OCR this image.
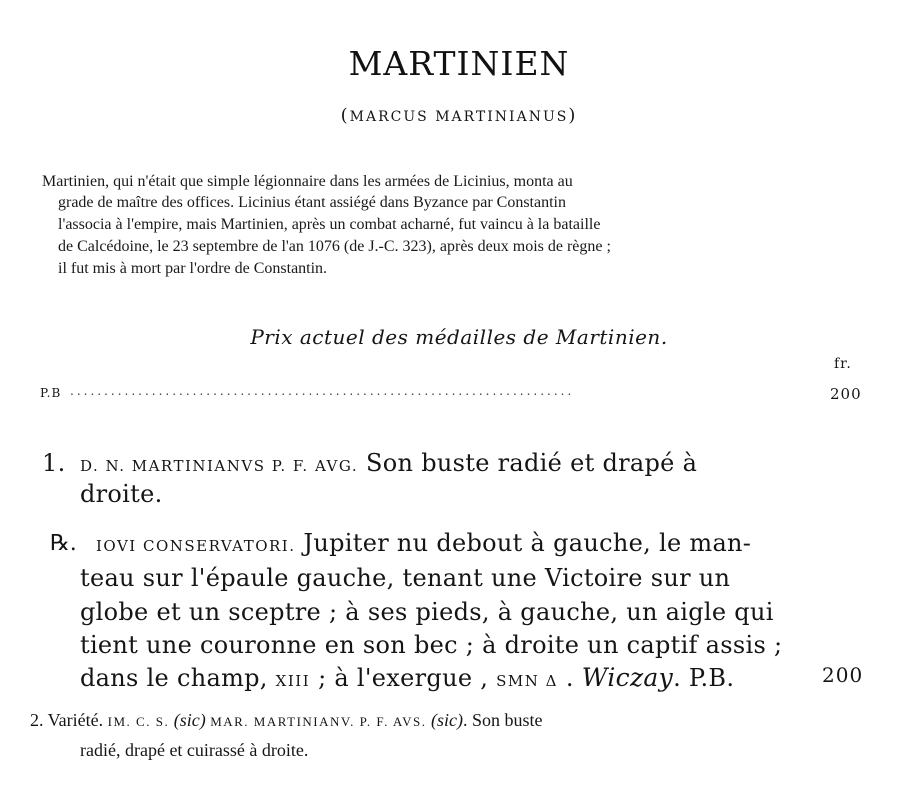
MARTINIEN
(MARCUS MARTINIANUS)
Martinien, qui n'était que simple légionnaire dans les armées de Licinius, monta au
grade de maître des offices. Licinius étant assiégé dans Byzance par Constantin
l'associa à l'empire, mais Martinien, après un combat acharné, fut vaincu à la bataille
de Calcédoine, le 23 septembre de l'an 1076 (de J.-C. 323), après deux mois de règne ;
il fut mis à mort par l'ordre de Constantin.
Prix actuel des médailles de Martinien.
fr.
P.B ..........................................................................	200
1. D. N. MARTINIANVS P. F. AVG. Son buste radié et drapé à
droite.
℞. IOVI CONSERVATORI. Jupiter nu debout à gauche, le man-
teau sur l'épaule gauche, tenant une Victoire sur un
globe et un sceptre ; à ses pieds, à gauche, un aigle qui
tient une couronne en son bec ; à droite un captif assis ;
dans le champ, XIII ; à l'exergue , SMN Δ . Wiczay. P.B.	200
2. Variété. IM. C. S. (sic) MAR. MARTINIANV. P. F. AVS. (sic). Son buste
radié, drapé et cuirassé à droite.
